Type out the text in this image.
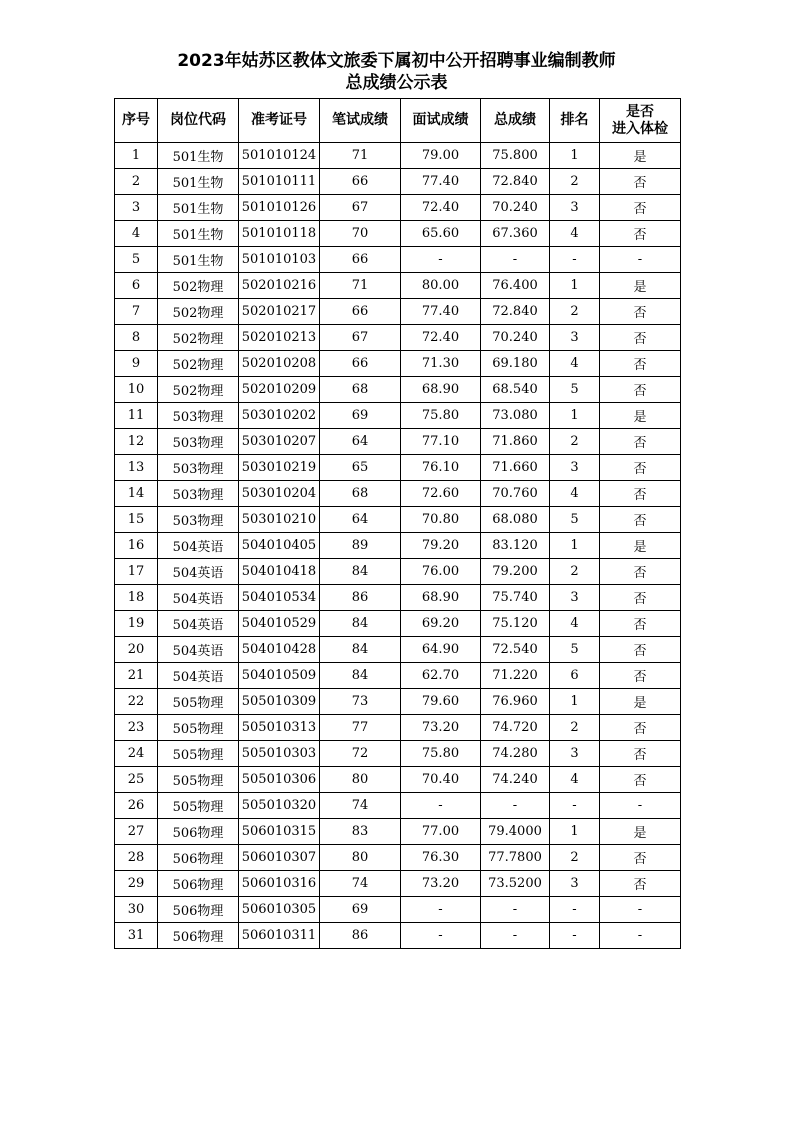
2023年姑苏区教体文旅委下属初中公开招聘事业编制教师
总成绩公示表
序号	岗位代码	准考证号	笔试成绩	面试成绩	总成绩	排名	是否
进入体检

1	501生物	501010124	71	79.00	75.800	1	是
2	501生物	501010111	66	77.40	72.840	2	否
3	501生物	501010126	67	72.40	70.240	3	否
4	501生物	501010118	70	65.60	67.360	4	否
5	501生物	501010103	66	-	-	-	-
6	502物理	502010216	71	80.00	76.400	1	是
7	502物理	502010217	66	77.40	72.840	2	否
8	502物理	502010213	67	72.40	70.240	3	否
9	502物理	502010208	66	71.30	69.180	4	否
10	502物理	502010209	68	68.90	68.540	5	否
11	503物理	503010202	69	75.80	73.080	1	是
12	503物理	503010207	64	77.10	71.860	2	否
13	503物理	503010219	65	76.10	71.660	3	否
14	503物理	503010204	68	72.60	70.760	4	否
15	503物理	503010210	64	70.80	68.080	5	否
16	504英语	504010405	89	79.20	83.120	1	是
17	504英语	504010418	84	76.00	79.200	2	否
18	504英语	504010534	86	68.90	75.740	3	否
19	504英语	504010529	84	69.20	75.120	4	否
20	504英语	504010428	84	64.90	72.540	5	否
21	504英语	504010509	84	62.70	71.220	6	否
22	505物理	505010309	73	79.60	76.960	1	是
23	505物理	505010313	77	73.20	74.720	2	否
24	505物理	505010303	72	75.80	74.280	3	否
25	505物理	505010306	80	70.40	74.240	4	否
26	505物理	505010320	74	-	-	-	-
27	506物理	506010315	83	77.00	79.4000	1	是
28	506物理	506010307	80	76.30	77.7800	2	否
29	506物理	506010316	74	73.20	73.5200	3	否
30	506物理	506010305	69	-	-	-	-
31	506物理	506010311	86	-	-	-	-
